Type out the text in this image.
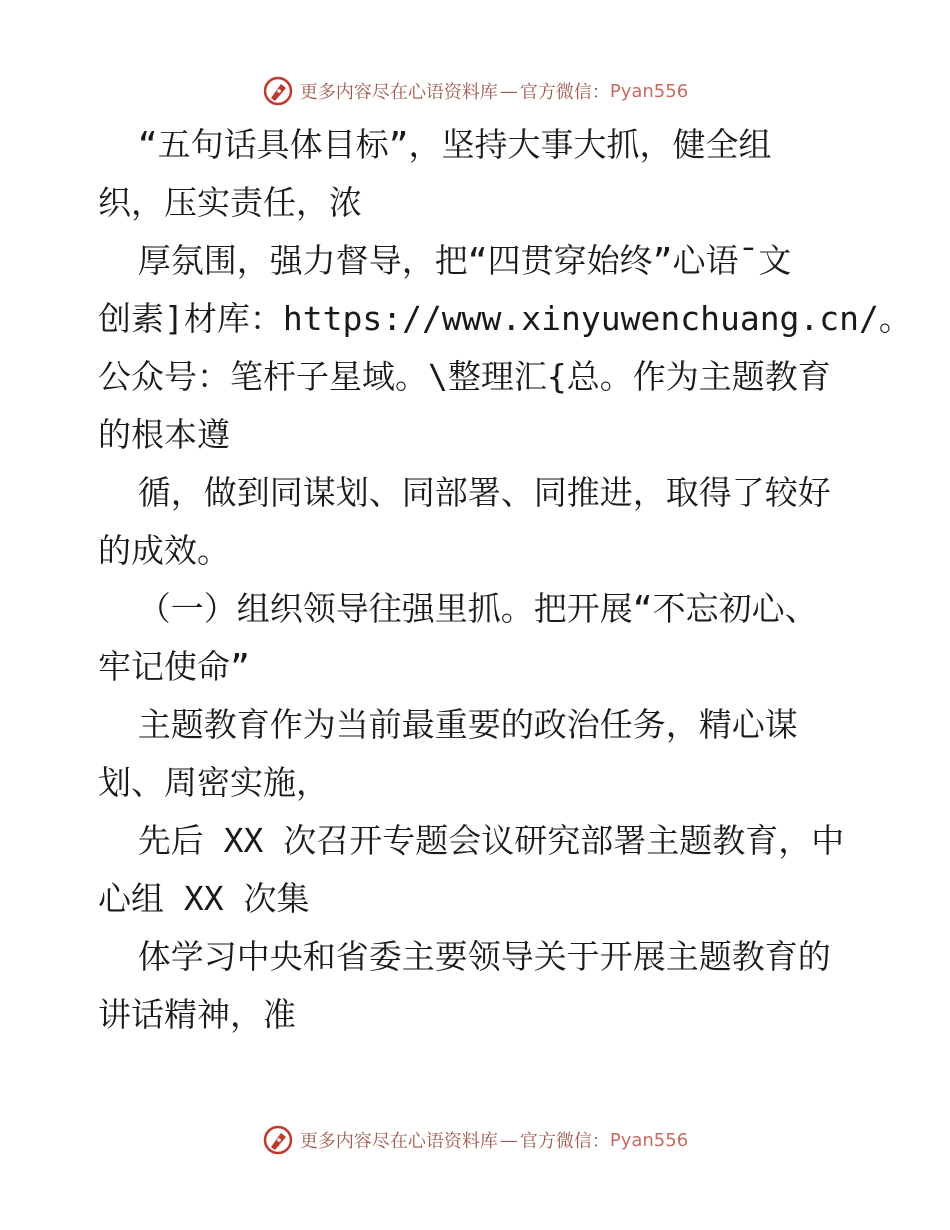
更多内容尽在心语资料库 — 官方微信： Pyan556
“五句话具体目标”，坚持大事大抓，健全组
织，压实责任，浓
厚氛围，强力督导，把“四贯穿始终”心语¯文
创素]材库：https://www.xinyuwenchuang.cn/。
公众号：笔杆子星域。\整理汇{总。作为主题教育
的根本遵
循，做到同谋划、同部署、同推进，取得了较好
的成效。
（一）组织领导往强里抓。把开展“不忘初心、
牢记使命”
主题教育作为当前最重要的政治任务，精心谋
划、周密实施，
先后 XX 次召开专题会议研究部署主题教育，中
心组 XX 次集
体学习中央和省委主要领导关于开展主题教育的
讲话精神，准
更多内容尽在心语资料库 — 官方微信： Pyan556
